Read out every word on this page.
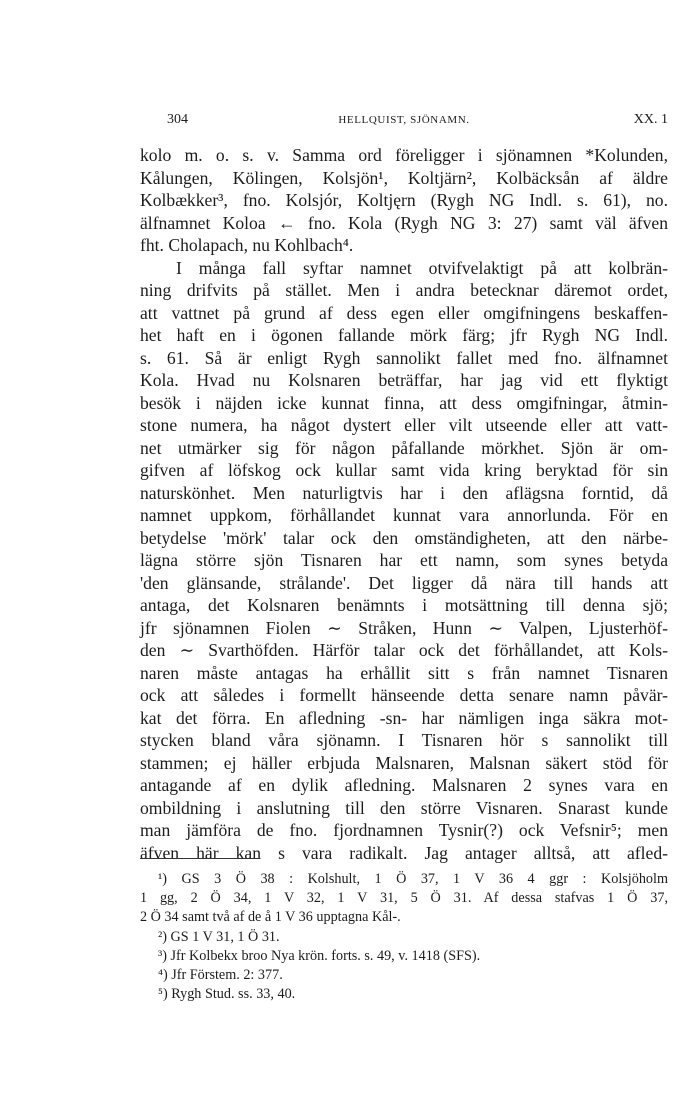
304	HELLQUIST, SJÖNAMN.	XX. 1
kolo m. o. s. v. Samma ord föreligger i sjönamnen *Kolunden,
Kålungen, Kölingen, Kolsjön¹, Koltjärn², Kolbäcksån af äldre
Kolbækker³, fno. Kolsjór, Koltjęrn (Rygh NG Indl. s. 61), no.
älfnamnet Koloa ← fno. Kola (Rygh NG 3: 27) samt väl äfven
fht. Cholapach, nu Kohlbach⁴.
I många fall syftar namnet otvifvelaktigt på att kolbrän-
ning drifvits på stället. Men i andra betecknar däremot ordet,
att vattnet på grund af dess egen eller omgifningens beskaffen-
het haft en i ögonen fallande mörk färg; jfr Rygh NG Indl.
s. 61. Så är enligt Rygh sannolikt fallet med fno. älfnamnet
Kola. Hvad nu Kolsnaren beträffar, har jag vid ett flyktigt
besök i näjden icke kunnat finna, att dess omgifningar, åtmin-
stone numera, ha något dystert eller vilt utseende eller att vatt-
net utmärker sig för någon påfallande mörkhet. Sjön är om-
gifven af löfskog ock kullar samt vida kring beryktad för sin
naturskönhet. Men naturligtvis har i den aflägsna forntid, då
namnet uppkom, förhållandet kunnat vara annorlunda. För en
betydelse 'mörk' talar ock den omständigheten, att den närbe-
lägna större sjön Tisnaren har ett namn, som synes betyda
'den glänsande, strålande'. Det ligger då nära till hands att
antaga, det Kolsnaren benämnts i motsättning till denna sjö;
jfr sjönamnen Fiolen ∼ Stråken, Hunn ∼ Valpen, Ljusterhöf-
den ∼ Svarthöfden. Härför talar ock det förhållandet, att Kols-
naren måste antagas ha erhållit sitt s från namnet Tisnaren
ock att således i formellt hänseende detta senare namn påvär-
kat det förra. En afledning -sn- har nämligen inga säkra mot-
stycken bland våra sjönamn. I Tisnaren hör s sannolikt till
stammen; ej häller erbjuda Malsnaren, Malsnan säkert stöd för
antagande af en dylik afledning. Malsnaren 2 synes vara en
ombildning i anslutning till den större Visnaren. Snarast kunde
man jämföra de fno. fjordnamnen Tysnir(?) ock Vefsnir⁵; men
äfven här kan s vara radikalt. Jag antager alltså, att afled-
¹) GS 3 Ö 38 : Kolshult, 1 Ö 37, 1 V 36 4 ggr : Kolsjöholm
1 gg, 2 Ö 34, 1 V 32, 1 V 31, 5 Ö 31. Af dessa stafvas 1 Ö 37,
2 Ö 34 samt två af de å 1 V 36 upptagna Kål-.
²) GS 1 V 31, 1 Ö 31.
³) Jfr Kolbekx broo Nya krön. forts. s. 49, v. 1418 (SFS).
⁴) Jfr Förstem. 2: 377.
⁵) Rygh Stud. ss. 33, 40.
